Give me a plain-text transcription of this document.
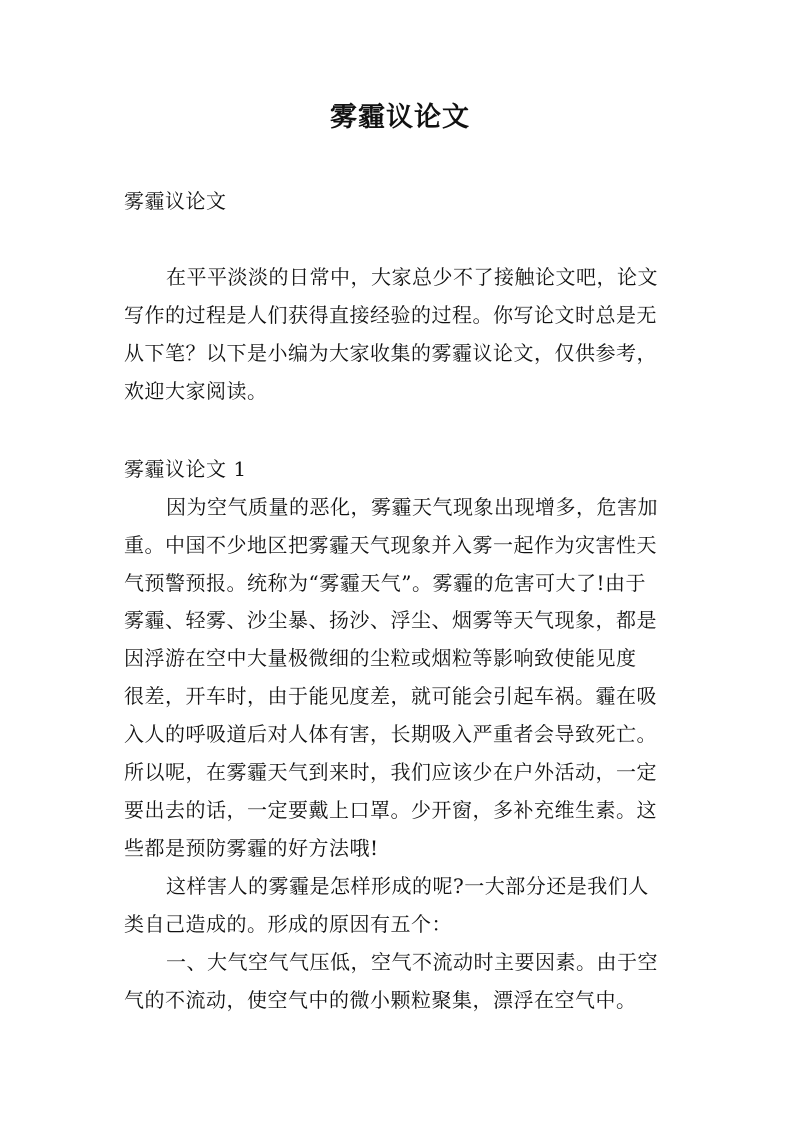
雾霾议论文
雾霾议论文
在平平淡淡的日常中，大家总少不了接触论文吧，论文
写作的过程是人们获得直接经验的过程。你写论文时总是无
从下笔？以下是小编为大家收集的雾霾议论文，仅供参考，
欢迎大家阅读。
雾霾议论文 1
因为空气质量的恶化，雾霾天气现象出现增多，危害加
重。中国不少地区把雾霾天气现象并入雾一起作为灾害性天
气预警预报。统称为“雾霾天气”。雾霾的危害可大了!由于
雾霾、轻雾、沙尘暴、扬沙、浮尘、烟雾等天气现象，都是
因浮游在空中大量极微细的尘粒或烟粒等影响致使能见度
很差，开车时，由于能见度差，就可能会引起车祸。霾在吸
入人的呼吸道后对人体有害，长期吸入严重者会导致死亡。
所以呢，在雾霾天气到来时，我们应该少在户外活动，一定
要出去的话，一定要戴上口罩。少开窗，多补充维生素。这
些都是预防雾霾的好方法哦!
这样害人的雾霾是怎样形成的呢?一大部分还是我们人
类自己造成的。形成的原因有五个：
一、大气空气气压低，空气不流动时主要因素。由于空
气的不流动，使空气中的微小颗粒聚集，漂浮在空气中。
